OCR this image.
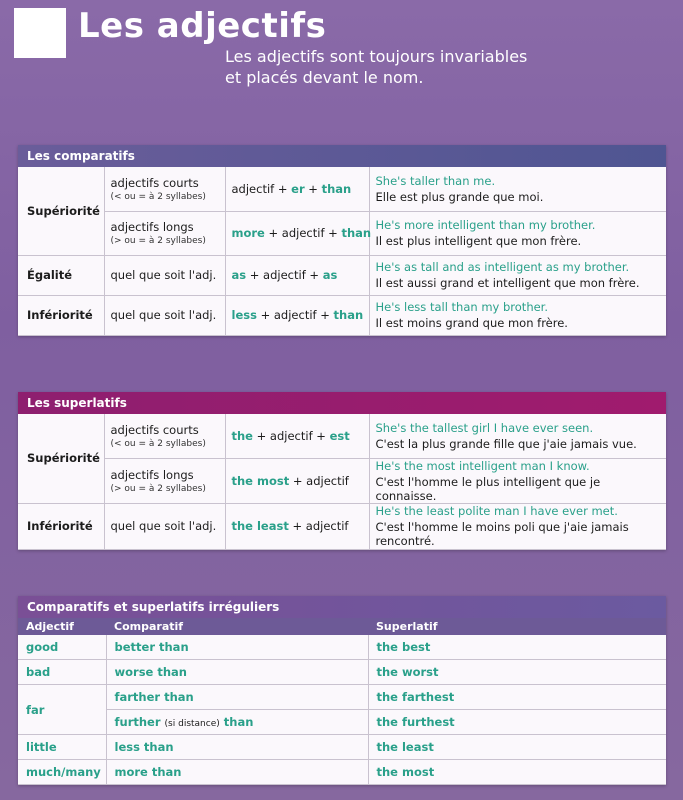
Les adjectifs
Les adjectifs sont toujours invariables
et placés devant le nom.
Les comparatifs
Supériorité	adjectifs courts
(< ou = à 2 syllabes)	adjectif + er + than	She's taller than me.
Elle est plus grande que moi.

	adjectifs longs
(> ou = à 2 syllabes)	more + adjectif + than	He's more intelligent than my brother.
Il est plus intelligent que mon frère.

Égalité	quel que soit l'adj.	as + adjectif + as	He's as tall and as intelligent as my brother.
Il est aussi grand et intelligent que mon frère.

Infériorité	quel que soit l'adj.	less + adjectif + than	He's less tall than my brother.
Il est moins grand que mon frère.
Les superlatifs
Supériorité	adjectifs courts
(< ou = à 2 syllabes)	the + adjectif + est	She's the tallest girl I have ever seen.
C'est la plus grande fille que j'aie jamais vue.

	adjectifs longs
(> ou = à 2 syllabes)	the most + adjectif	He's the most intelligent man I know.
C'est l'homme le plus intelligent que je connaisse.

Infériorité	quel que soit l'adj.	the least + adjectif	He's the least polite man I have ever met.
C'est l'homme le moins poli que j'aie jamais rencontré.
Comparatifs et superlatifs irréguliers
Adjectif	Comparatif	Superlatif
good	better than	the best
bad	worse than	the worst
far	farther than	the farthest
	further (si distance) than	the furthest
little	less than	the least
much/many	more than	the most
